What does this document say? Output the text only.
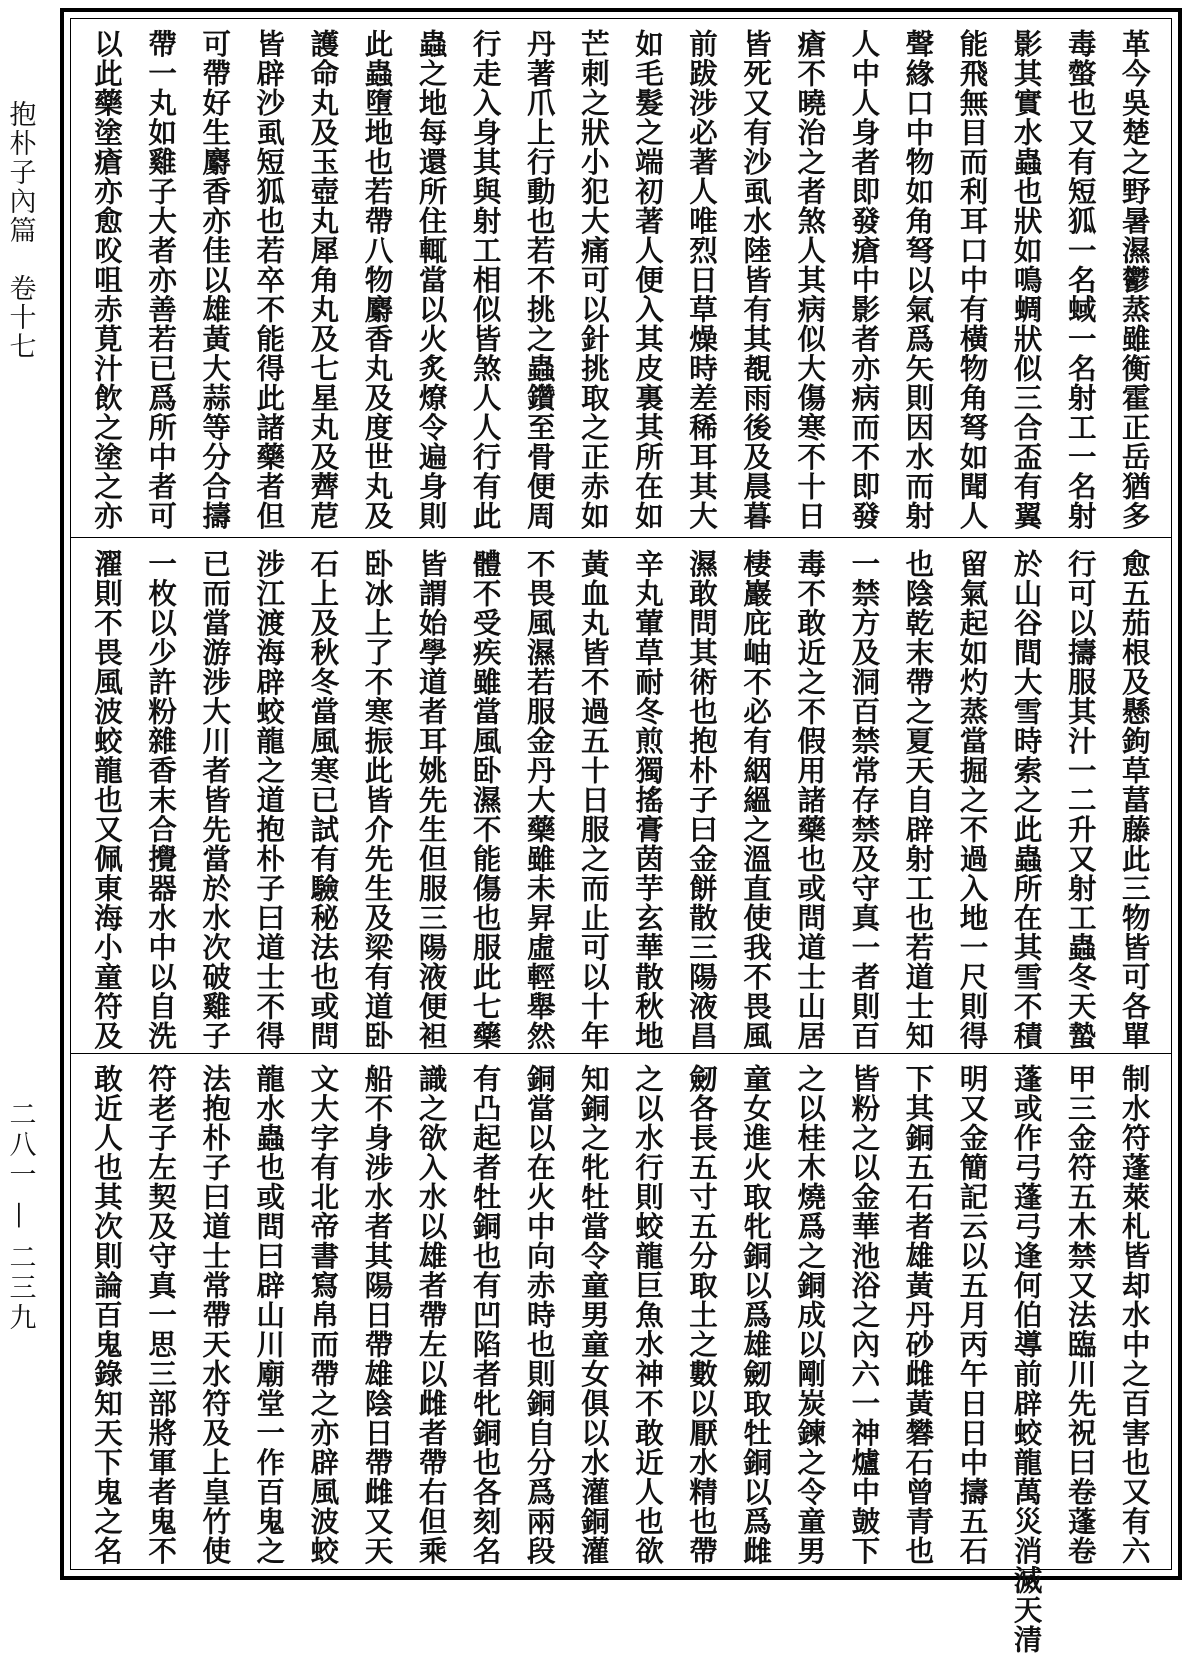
抱朴子內篇　卷十七
二八一 — 二三九
革今吳楚之野暑濕鬱蒸雖衡霍正岳猶多
毒螫也又有短狐一名蜮一名射工一名射
影其實水蟲也狀如鳴蜩狀似三合盃有翼
能飛無目而利耳口中有橫物角弩如聞人
聲緣口中物如角弩以氣爲矢則因水而射
人中人身者即發瘡中影者亦病而不即發
瘡不曉治之者煞人其病似大傷寒不十日
皆死又有沙虱水陸皆有其覩雨後及晨暮
前跋涉必著人唯烈日草燥時差稀耳其大
如毛髮之端初著人便入其皮裏其所在如
芒刺之狀小犯大痛可以針挑取之正赤如
丹著爪上行動也若不挑之蟲鑽至骨便周
行走入身其與射工相似皆煞人人行有此
蟲之地每還所住輒當以火炙燎令遍身則
此蟲墮地也若帶八物麝香丸及度世丸及
護命丸及玉壺丸犀角丸及七星丸及薺苨
皆辟沙虱短狐也若卒不能得此諸藥者但
可帶好生麝香亦佳以雄黃大蒜等分合擣
帶一丸如雞子大者亦善若已爲所中者可
以此藥塗瘡亦愈㕮咀赤莧汁飲之塗之亦
愈五茄根及懸鉤草葍藤此三物皆可各單
行可以擣服其汁一二升又射工蟲冬天蟄
於山谷間大雪時索之此蟲所在其雪不積
留氣起如灼蒸當掘之不過入地一尺則得
也陰乾末帶之夏天自辟射工也若道士知
一禁方及洞百禁常存禁及守真一者則百
毒不敢近之不假用諸藥也或問道士山居
棲巖庇岫不必有絪縕之溫直使我不畏風
濕敢問其術也抱朴子曰金餅散三陽液昌
辛丸葷草耐冬煎獨搖膏茵芋玄華散秋地
黃血丸皆不過五十日服之而止可以十年
不畏風濕若服金丹大藥雖未昇虛輕舉然
體不受疾雖當風卧濕不能傷也服此七藥
皆謂始學道者耳姚先生但服三陽液便袒
卧冰上了不寒振此皆介先生及梁有道卧
石上及秋冬當風寒已試有驗秘法也或問
涉江渡海辟蛟龍之道抱朴子曰道士不得
已而當游涉大川者皆先當於水次破雞子
一枚以少許粉雜香末合攪器水中以自洗
濯則不畏風波蛟龍也又佩東海小童符及
制水符蓬萊札皆却水中之百害也又有六
甲三金符五木禁又法臨川先祝曰卷蓬卷
蓬或作弓蓬弓逢何伯導前辟蛟龍萬災消滅天清
明又金簡記云以五月丙午日日中擣五石
下其銅五石者雄黃丹砂雌黃礬石曾青也
皆粉之以金華池浴之內六一神爐中皷下
之以桂木燒爲之銅成以剛炭鍊之令童男
童女進火取牝銅以爲雄劒取牡銅以爲雌
劒各長五寸五分取土之數以厭水精也帶
之以水行則蛟龍巨魚水神不敢近人也欲
知銅之牝牡當令童男童女俱以水灌銅灌
銅當以在火中向赤時也則銅自分爲兩段
有凸起者牡銅也有凹陷者牝銅也各刻名
識之欲入水以雄者帶左以雌者帶右但乘
船不身涉水者其陽日帶雄陰日帶雌又天
文大字有北帝書寫帛而帶之亦辟風波蛟
龍水蟲也或問曰辟山川廟堂一作百鬼之
法抱朴子曰道士常帶天水符及上皇竹使
符老子左契及守真一思三部將軍者鬼不
敢近人也其次則論百鬼錄知天下鬼之名
